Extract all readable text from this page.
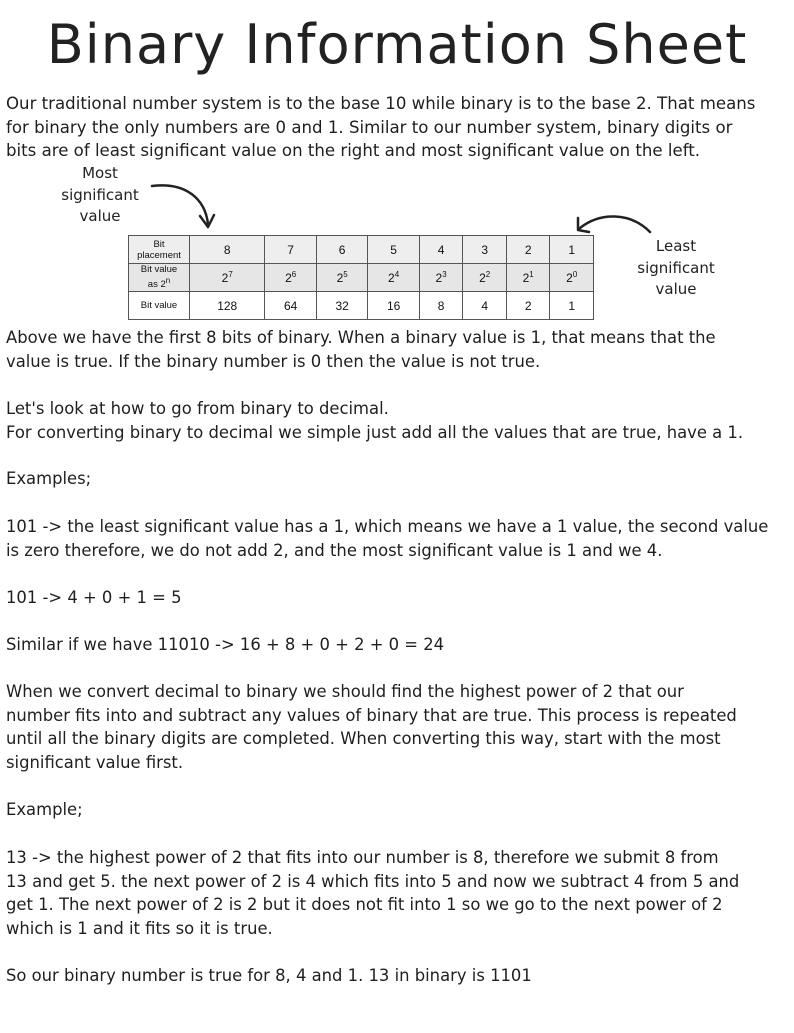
Binary Information Sheet
Our traditional number system is to the base 10 while binary is to the base 2. That means
for binary the only numbers are 0 and 1. Similar to our number system, binary digits or
bits are of least significant value on the right and most significant value on the left.
Most
significant
value
Least
significant
value
Bit
placement	8	7	6	5	4	3	2	1
Bit value
as 2$^n$	$2^7$	$2^6$	$2^5$	$2^4$	$2^3$	$2^2$	$2^1$	$2^0$
Bit value	128	64	32	16	8	4	2	1
Above we have the first 8 bits of binary. When a binary value is 1, that means that the
value is true. If the binary number is 0 then the value is not true.
Let's look at how to go from binary to decimal.
For converting binary to decimal we simple just add all the values that are true, have a 1.
Examples;
101 -> the least significant value has a 1, which means we have a 1 value, the second value
is zero therefore, we do not add 2, and the most significant value is 1 and we 4.
101 -> 4 + 0 + 1 = 5
Similar if we have 11010 -> 16 + 8 + 0 + 2 + 0 = 24
When we convert decimal to binary we should find the highest power of 2 that our
number fits into and subtract any values of binary that are true. This process is repeated
until all the binary digits are completed. When converting this way, start with the most
significant value first.
Example;
13 -> the highest power of 2 that fits into our number is 8, therefore we submit 8 from
13 and get 5. the next power of 2 is 4 which fits into 5 and now we subtract 4 from 5 and
get 1. The next power of 2 is 2 but it does not fit into 1 so we go to the next power of 2
which is 1 and it fits so it is true.
So our binary number is true for 8, 4 and 1. 13 in binary is 1101
